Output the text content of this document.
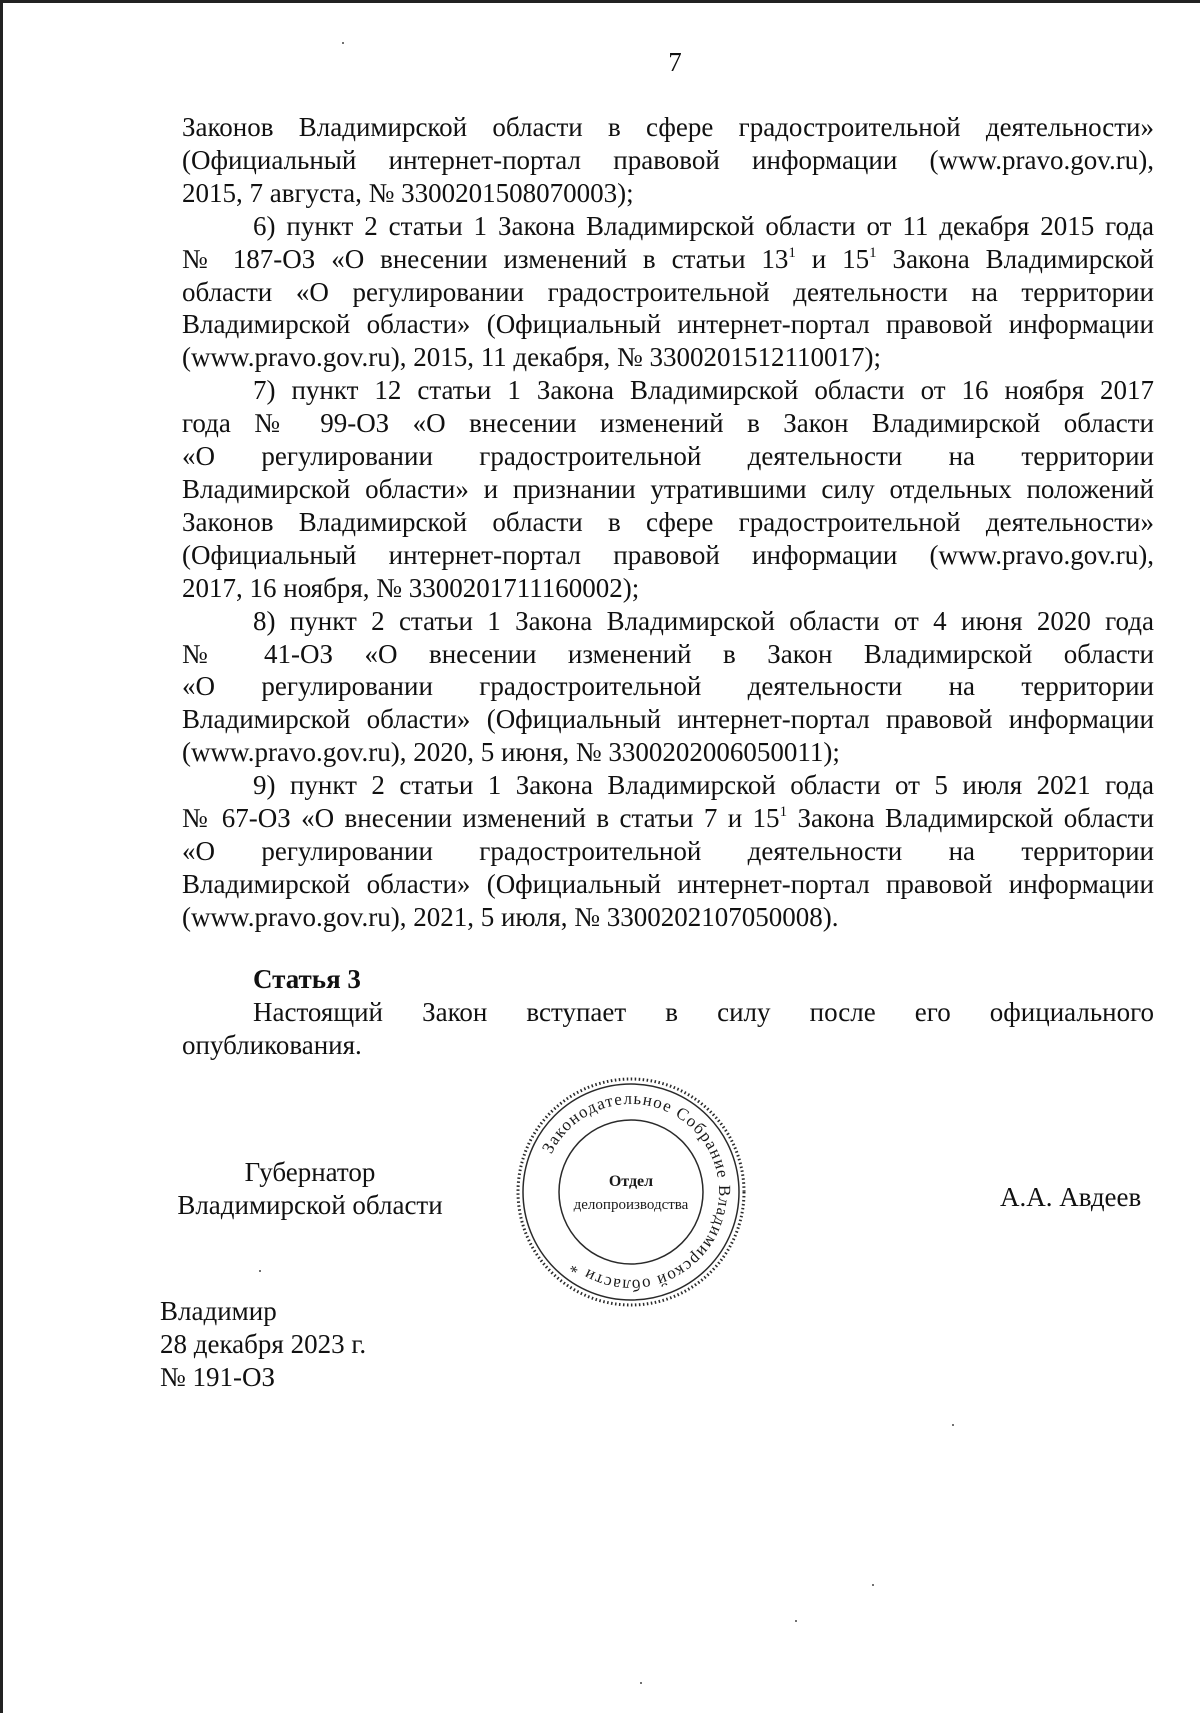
7
Законов Владимирской области в сфере градостроительной деятельности»
(Официальный интернет-портал правовой информации (www.pravo.gov.ru),
2015, 7 августа, № 3300201508070003);
6) пункт 2 статьи 1 Закона Владимирской области от 11 декабря 2015 года
№ 187-ОЗ «О внесении изменений в статьи $13^1$ и $15^1$ Закона Владимирской
области «О регулировании градостроительной деятельности на территории
Владимирской области» (Официальный интернет-портал правовой информации
(www.pravo.gov.ru), 2015, 11 декабря, № 3300201512110017);
7) пункт 12 статьи 1 Закона Владимирской области от 16 ноября 2017
года № 99-ОЗ «О внесении изменений в Закон Владимирской области
«О регулировании градостроительной деятельности на территории
Владимирской области» и признании утратившими силу отдельных положений
Законов Владимирской области в сфере градостроительной деятельности»
(Официальный интернет-портал правовой информации (www.pravo.gov.ru),
2017, 16 ноября, № 3300201711160002);
8) пункт 2 статьи 1 Закона Владимирской области от 4 июня 2020 года
№ 41-ОЗ «О внесении изменений в Закон Владимирской области
«О регулировании градостроительной деятельности на территории
Владимирской области» (Официальный интернет-портал правовой информации
(www.pravo.gov.ru), 2020, 5 июня, № 3300202006050011);
9) пункт 2 статьи 1 Закона Владимирской области от 5 июля 2021 года
№ 67-ОЗ «О внесении изменений в статьи 7 и $15^1$ Закона Владимирской области
«О регулировании градостроительной деятельности на территории
Владимирской области» (Официальный интернет-портал правовой информации
(www.pravo.gov.ru), 2021, 5 июля, № 3300202107050008).
Статья 3
Настоящий Закон вступает в силу после его официального
опубликования.
Губернатор
Владимирской области
Законодательное Собрание Владимирской области *
Отдел
делопроизводства	А.А. Авдеев
Владимир
28 декабря 2023 г.
№ 191-ОЗ
